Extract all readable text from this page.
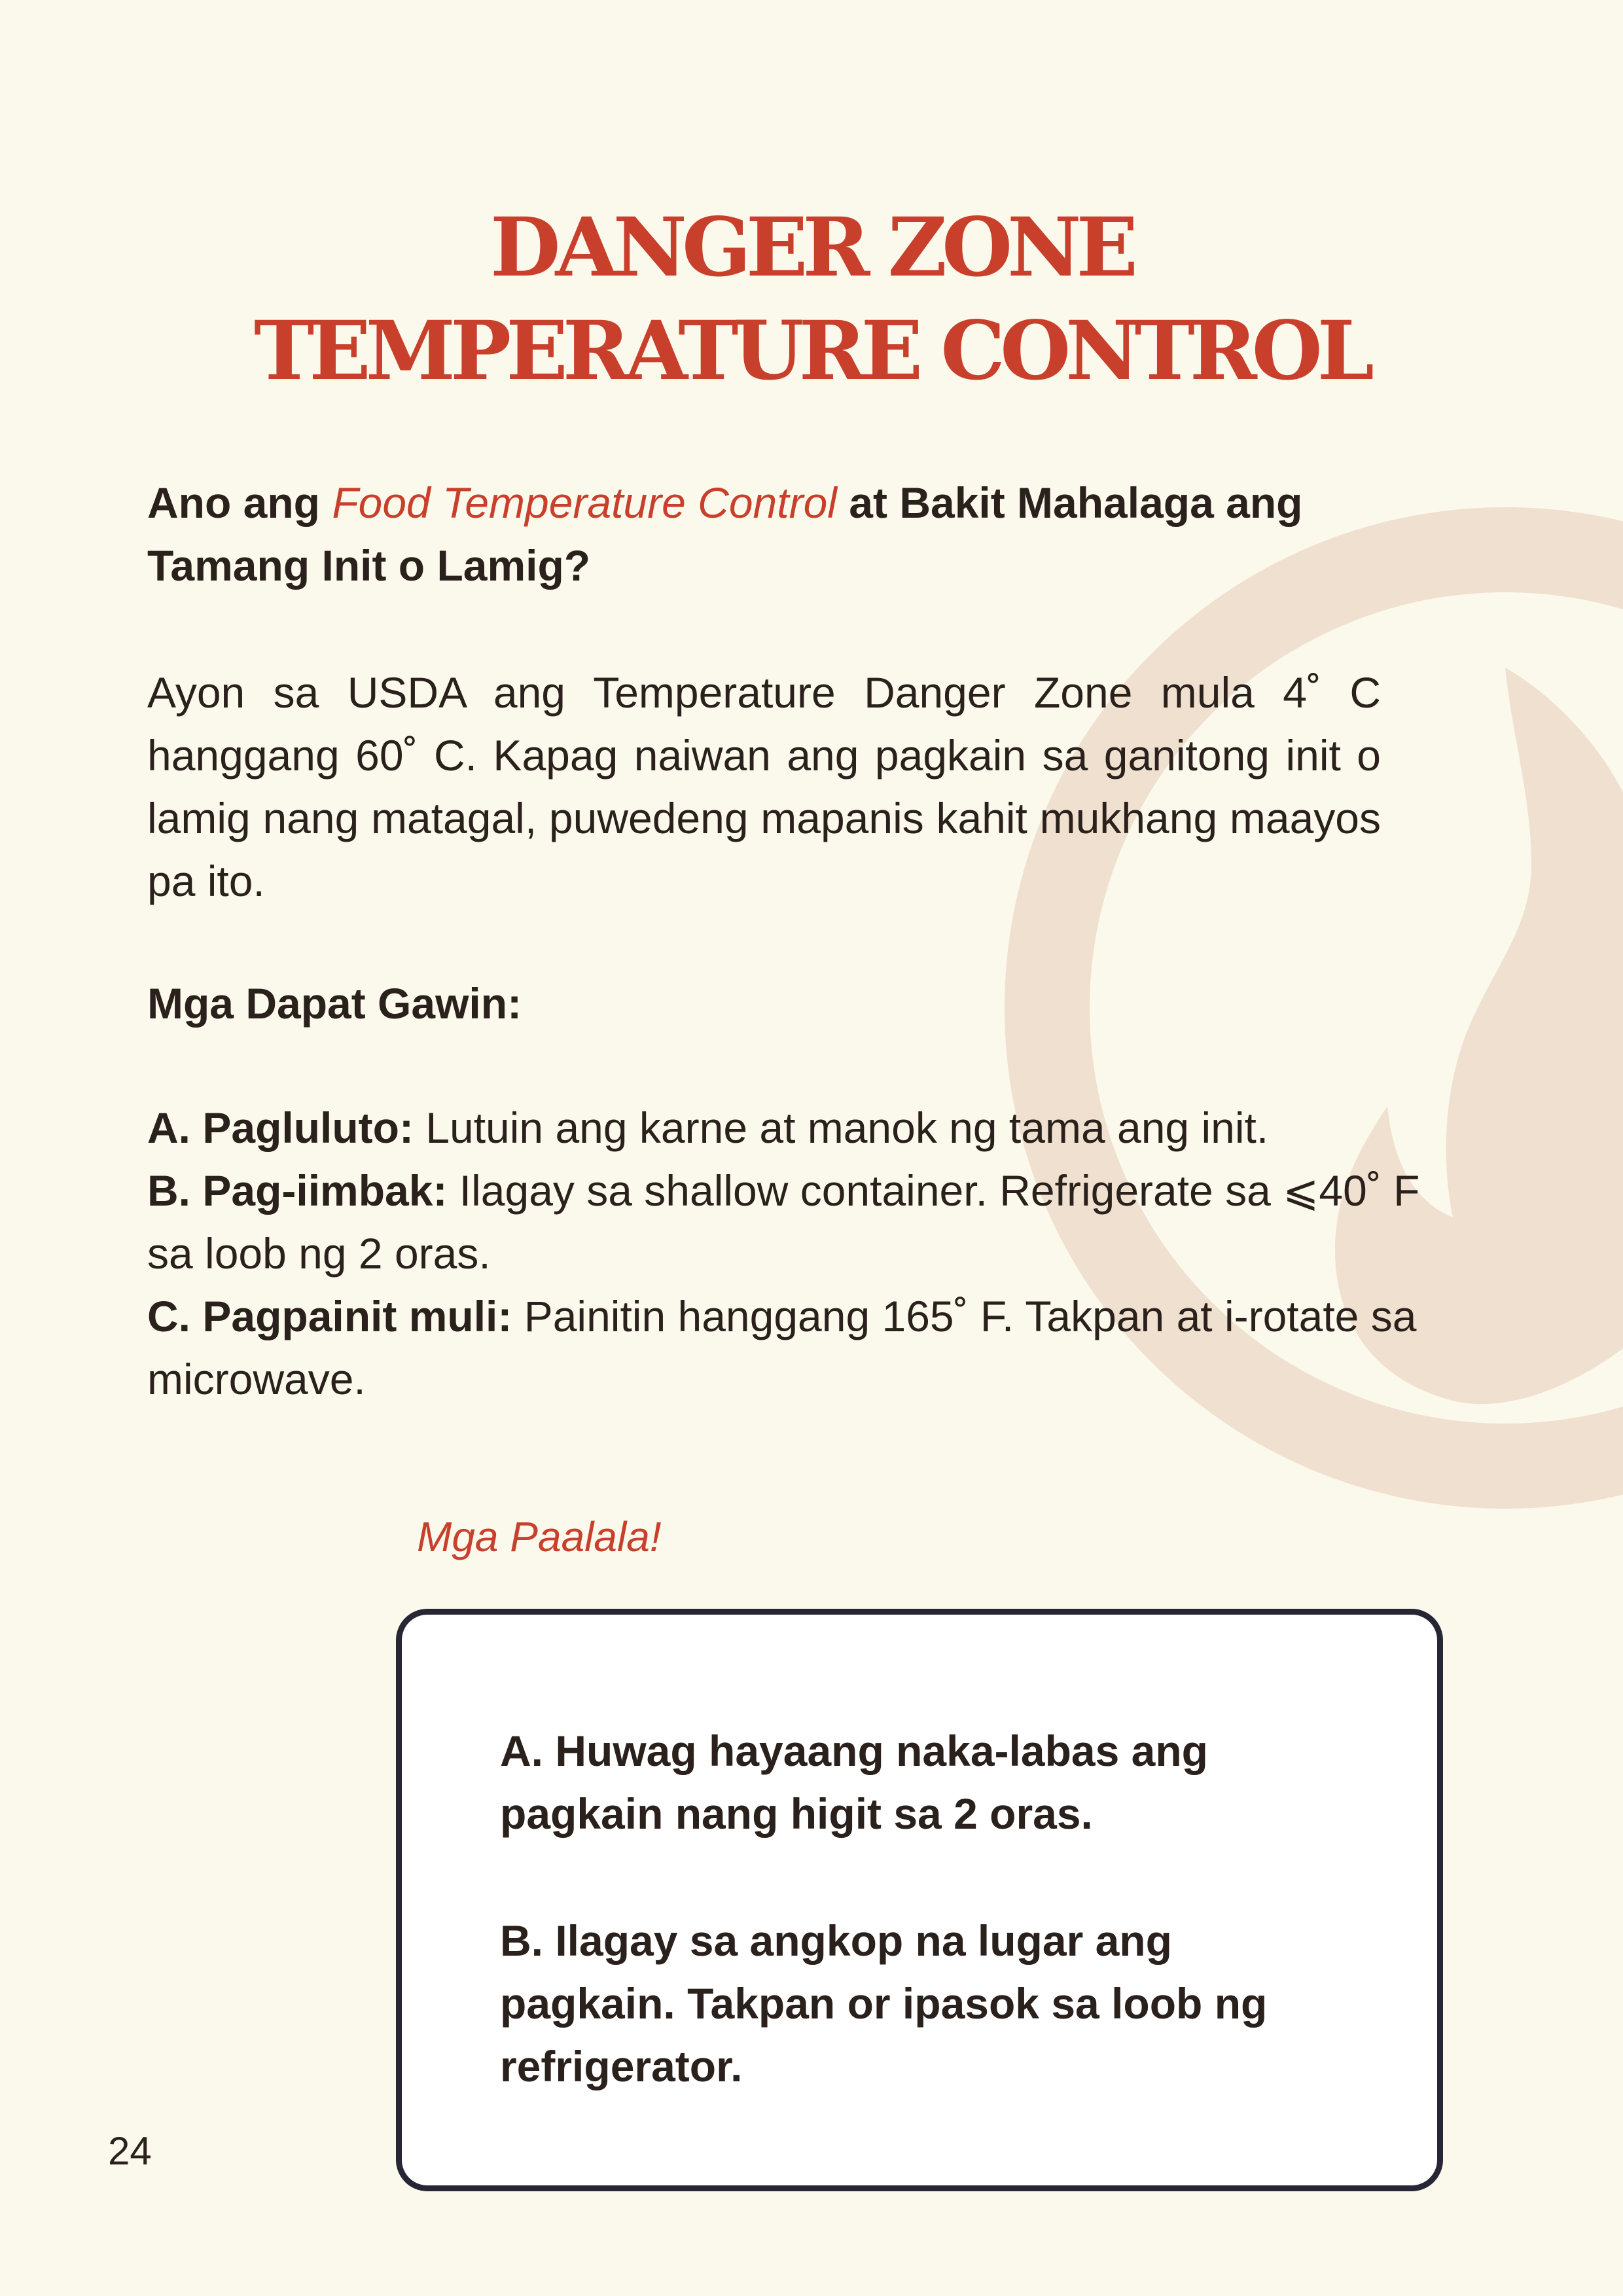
DANGER ZONE
TEMPERATURE CONTROL
Ano ang Food Temperature Control at Bakit Mahalaga ang Tamang Init o Lamig?
Ayon sa USDA ang Temperature Danger Zone mula 4˚ C hanggang 60˚ C. Kapag naiwan ang pagkain sa ganitong init o lamig nang matagal, puwedeng mapanis kahit mukhang maayos pa ito.
Mga Dapat Gawin:

A. Pagluluto: Lutuin ang karne at manok ng tama ang init.

B. Pag-iimbak: Ilagay sa shallow container. Refrigerate sa ⩽40˚ F sa loob ng 2 oras.

C. Pagpainit muli: Painitin hanggang 165˚ F. Takpan at i-rotate sa microwave.

Mga Paalala!

A. Huwag hayaang naka-labas ang pagkain nang higit sa 2 oras.

B. Ilagay sa angkop na lugar ang pagkain. Takpan or ipasok sa loob ng refrigerator.

24
